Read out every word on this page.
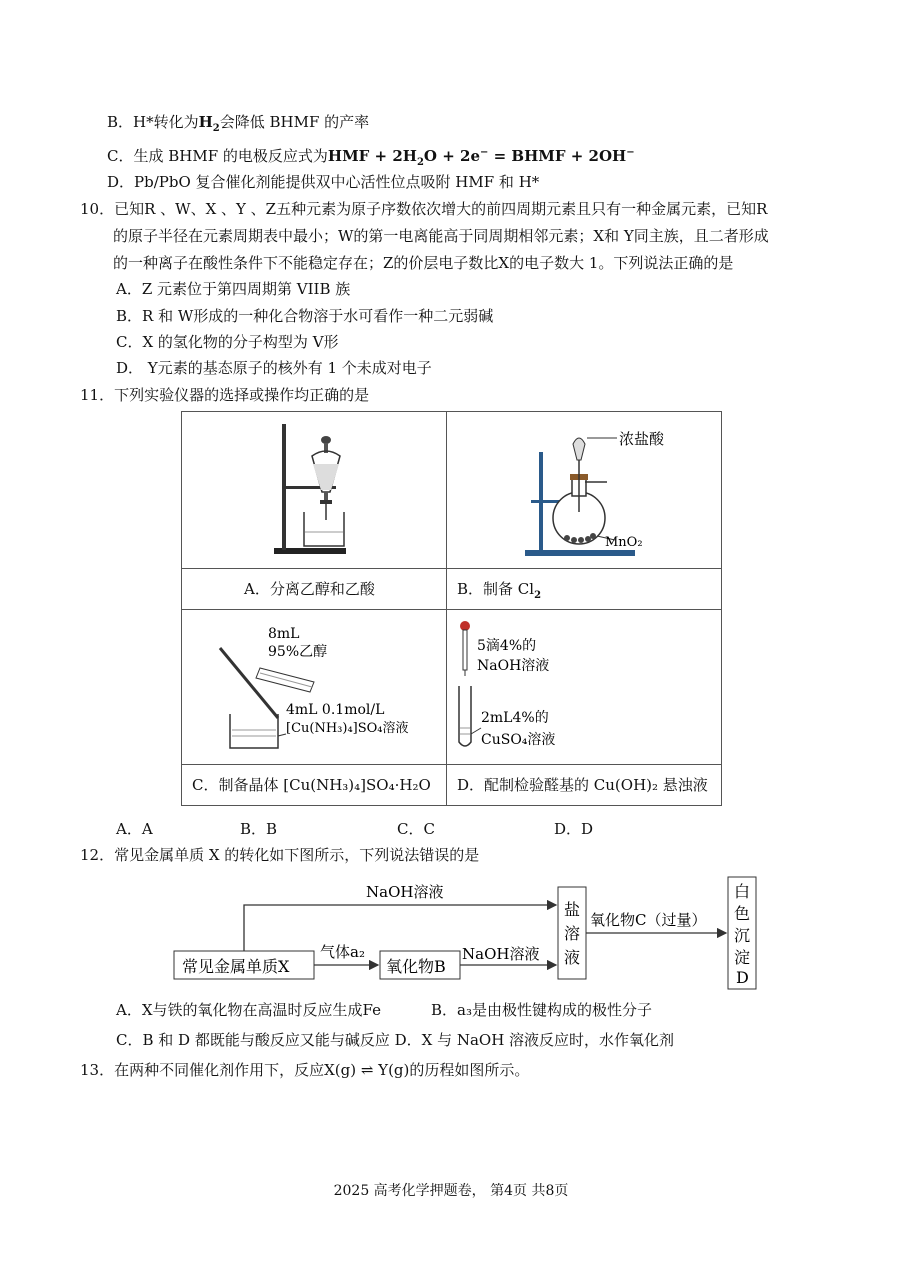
B．H*转化为$H_2$会降低 BHMF 的产率
C．生成 BHMF 的电极反应式为HMF + $2H_2O + 2e^-$ = BHMF + 2OH−
D．Pb/PbO 复合催化剂能提供双中心活性位点吸附 HMF 和 H*
10．已知R 、W、X 、Y 、Z五种元素为原子序数依次增大的前四周期元素且只有一种金属元素，已知R
的原子半径在元素周期表中最小；W的第一电离能高于同周期相邻元素；X和 Y同主族，且二者形成
的一种离子在酸性条件下不能稳定存在；Z的价层电子数比X的电子数大 1。下列说法正确的是
A．Z 元素位于第四周期第 VIIB 族
B．R 和 W形成的一种化合物溶于水可看作一种二元弱碱
C．X 的氢化物的分子构型为 V形
D． Y元素的基态原子的核外有 1 个未成对电子
11．下列实验仪器的选择或操作均正确的是

浓盐酸
MnO₂

A．分离乙醇和乙酸	B．制备 $Cl_2$

8mL
95%乙醇
4mL 0.1mol/L
[Cu(NH₃)₄]SO₄溶液	5滴4%的
NaOH溶液
2mL4%的
CuSO₄溶液

C．制备晶体 [Cu(NH₃)₄]SO₄·H₂O	D．配制检验醛基的 Cu(OH)₂ 悬浊液
A．A	B．B	C．C	D．D
12．常见金属单质 X 的转化如下图所示，下列说法错误的是
常见金属单质X
气体a₂
氧化物B
NaOH溶液
NaOH溶液
盐
溶
液
氧化物C（过量）
白
色
沉
淀
D
A．X与铁的氧化物在高温时反应生成Fe	B．a₃是由极性键构成的极性分子
C．B 和 D 都既能与酸反应又能与碱反应 D．X 与 NaOH 溶液反应时，水作氧化剂
13．在两种不同催化剂作用下，反应X(g) ⇌ Y(g)的历程如图所示。
2025 高考化学押题卷， 第4页 共8页
